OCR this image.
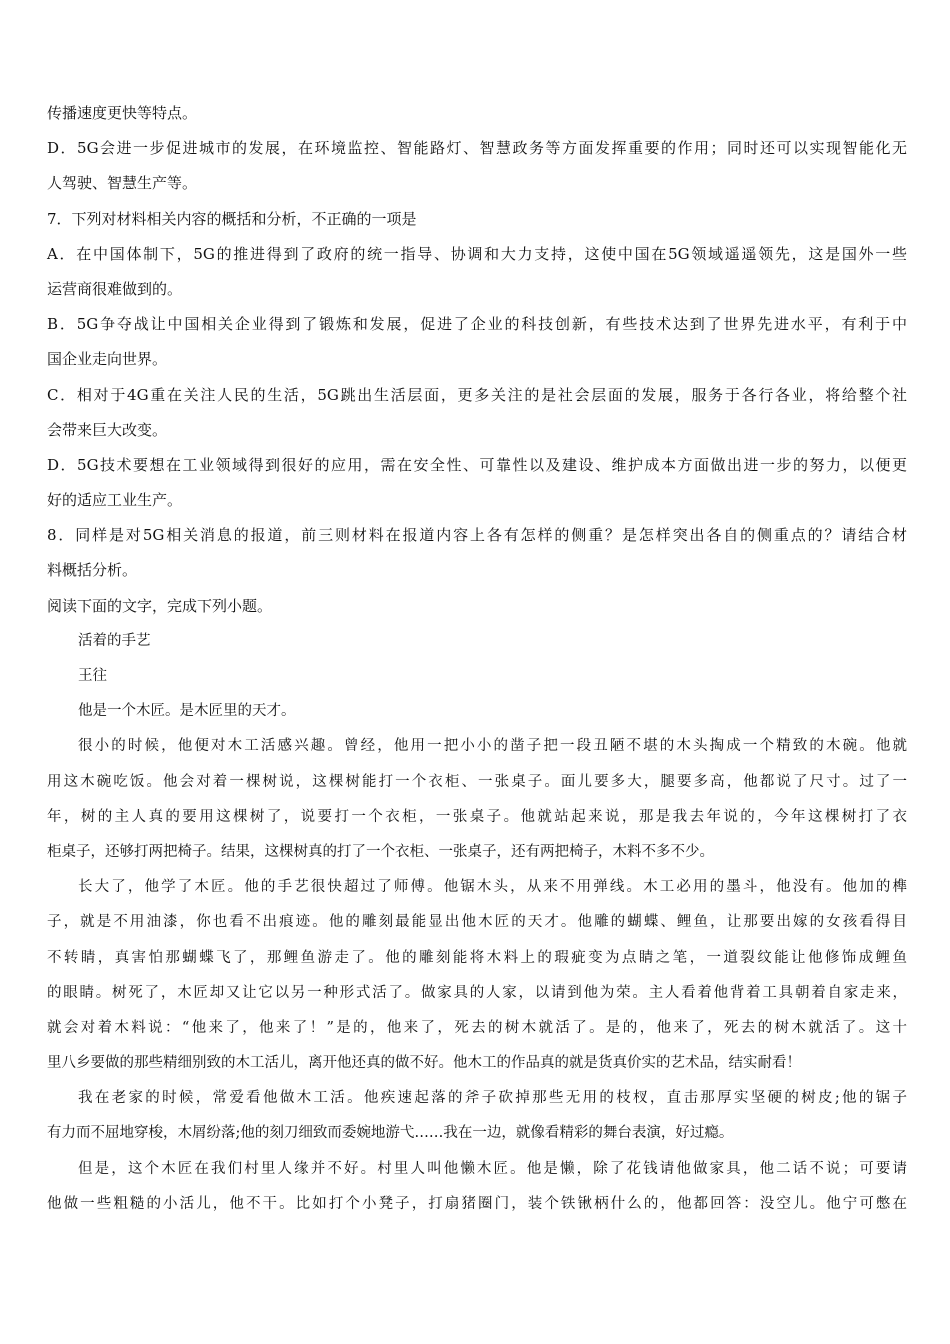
传播速度更快等特点。
D．5G会进一步促进城市的发展，在环境监控、智能路灯、智慧政务等方面发挥重要的作用；同时还可以实现智能化无
人驾驶、智慧生产等。
7．下列对材料相关内容的概括和分析，不正确的一项是
A．在中国体制下，5G的推进得到了政府的统一指导、协调和大力支持，这使中国在5G领域遥遥领先，这是国外一些
运营商很难做到的。
B．5G争夺战让中国相关企业得到了锻炼和发展，促进了企业的科技创新，有些技术达到了世界先进水平，有利于中
国企业走向世界。
C．相对于4G重在关注人民的生活，5G跳出生活层面，更多关注的是社会层面的发展，服务于各行各业，将给整个社
会带来巨大改变。
D．5G技术要想在工业领域得到很好的应用，需在安全性、可靠性以及建设、维护成本方面做出进一步的努力，以便更
好的适应工业生产。
8．同样是对5G相关消息的报道，前三则材料在报道内容上各有怎样的侧重？是怎样突出各自的侧重点的？请结合材
料概括分析。
阅读下面的文字，完成下列小题。
活着的手艺
王往
他是一个木匠。是木匠里的天才。
很小的时候，他便对木工活感兴趣。曾经，他用一把小小的凿子把一段丑陋不堪的木头掏成一个精致的木碗。他就
用这木碗吃饭。他会对着一棵树说，这棵树能打一个衣柜、一张桌子。面儿要多大，腿要多高，他都说了尺寸。过了一
年，树的主人真的要用这棵树了，说要打一个衣柜，一张桌子。他就站起来说，那是我去年说的，今年这棵树打了衣
柜桌子，还够打两把椅子。结果，这棵树真的打了一个衣柜、一张桌子，还有两把椅子，木料不多不少。
长大了，他学了木匠。他的手艺很快超过了师傅。他锯木头，从来不用弹线。木工必用的墨斗，他没有。他加的榫
子，就是不用油漆，你也看不出痕迹。他的雕刻最能显出他木匠的天才。他雕的蝴蝶、鲤鱼，让那要出嫁的女孩看得目
不转睛，真害怕那蝴蝶飞了，那鲤鱼游走了。他的雕刻能将木料上的瑕疵变为点睛之笔，一道裂纹能让他修饰成鲤鱼
的眼睛。树死了，木匠却又让它以另一种形式活了。做家具的人家，以请到他为荣。主人看着他背着工具朝着自家走来，
就会对着木料说：“他来了，他来了！”是的，他来了，死去的树木就活了。是的，他来了，死去的树木就活了。这十
里八乡要做的那些精细别致的木工活儿，离开他还真的做不好。他木工的作品真的就是货真价实的艺术品，结实耐看！
我在老家的时候，常爱看他做木工活。他疾速起落的斧子砍掉那些无用的枝杈，直击那厚实坚硬的树皮;他的锯子
有力而不屈地穿梭，木屑纷落;他的刻刀细致而委婉地游弋……我在一边，就像看精彩的舞台表演，好过瘾。
但是，这个木匠在我们村里人缘并不好。村里人叫他懒木匠。他是懒，除了花钱请他做家具，他二话不说；可要请
他做一些粗糙的小活儿，他不干。比如打个小凳子，打扇猪圈门，装个铁锹柄什么的，他都回答：没空儿。他宁可憋在
